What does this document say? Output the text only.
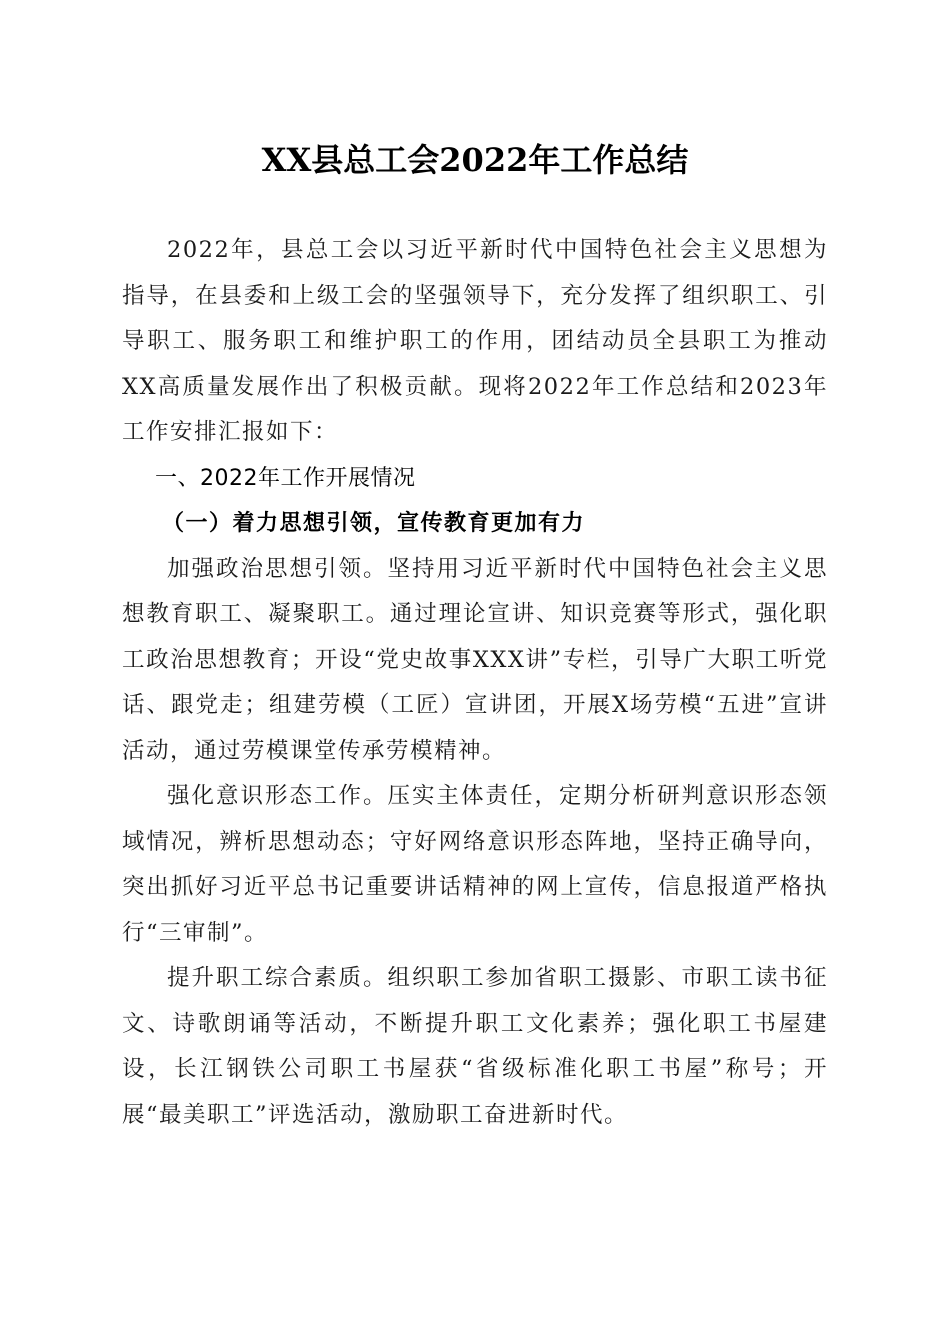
XX县总工会2022年工作总结

2022年，县总工会以习近平新时代中国特色社会主义思想为指导，在县委和上级工会的坚强领导下，充分发挥了组织职工、引导职工、服务职工和维护职工的作用，团结动员全县职工为推动XX高质量发展作出了积极贡献。现将2022年工作总结和2023年工作安排汇报如下：

一、2022年工作开展情况

（一）着力思想引领，宣传教育更加有力

加强政治思想引领。坚持用习近平新时代中国特色社会主义思想教育职工、凝聚职工。通过理论宣讲、知识竞赛等形式，强化职工政治思想教育；开设“党史故事XXX讲”专栏，引导广大职工听党话、跟党走；组建劳模（工匠）宣讲团，开展X场劳模“五进”宣讲活动，通过劳模课堂传承劳模精神。

强化意识形态工作。压实主体责任，定期分析研判意识形态领域情况，辨析思想动态；守好网络意识形态阵地，坚持正确导向，突出抓好习近平总书记重要讲话精神的网上宣传，信息报道严格执行“三审制”。

提升职工综合素质。组织职工参加省职工摄影、市职工读书征文、诗歌朗诵等活动，不断提升职工文化素养；强化职工书屋建设，长江钢铁公司职工书屋获“省级标准化职工书屋”称号；开展“最美职工”评选活动，激励职工奋进新时代。
